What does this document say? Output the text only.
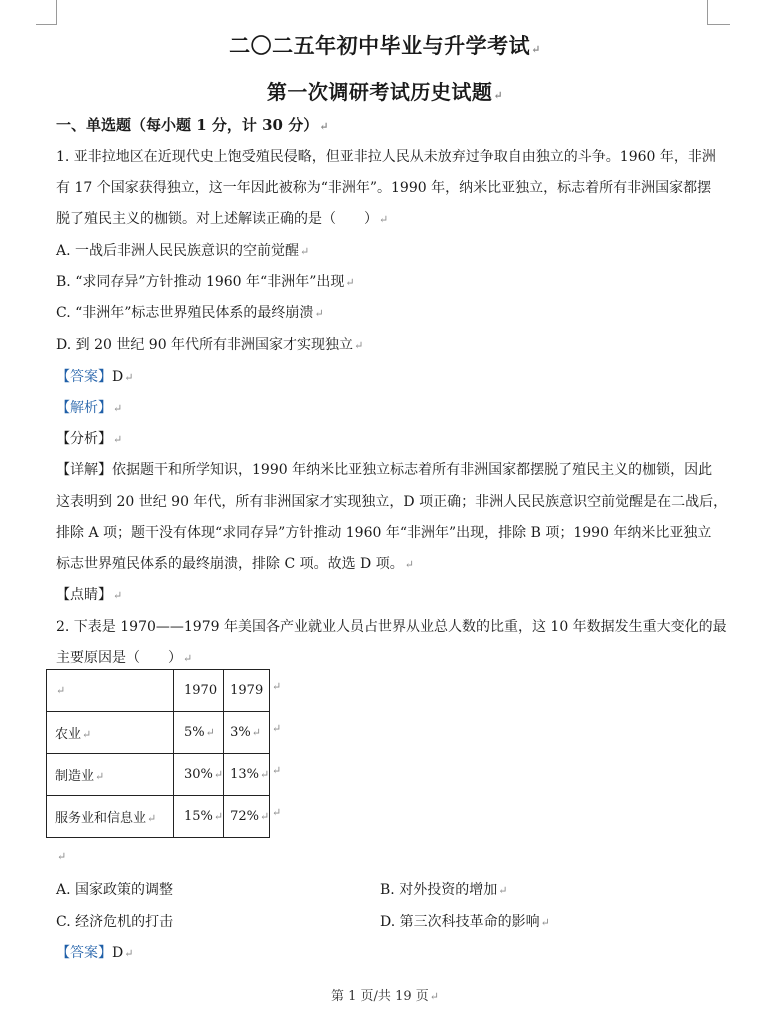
二〇二五年初中毕业与升学考试↵
第一次调研考试历史试题↵
一、单选题（每小题 1 分，计 30 分）↵
1. 亚非拉地区在近现代史上饱受殖民侵略，但亚非拉人民从未放弃过争取自由独立的斗争。1960 年，非洲
有 17 个国家获得独立，这一年因此被称为“非洲年”。1990 年，纳米比亚独立，标志着所有非洲国家都摆
脱了殖民主义的枷锁。对上述解读正确的是（　　）↵
A. 一战后非洲人民民族意识的空前觉醒↵
B. “求同存异”方针推动 1960 年“非洲年”出现↵
C. “非洲年”标志世界殖民体系的最终崩溃↵
D. 到 20 世纪 90 年代所有非洲国家才实现独立↵
【答案】D↵
【解析】↵
【分析】↵
【详解】依据题干和所学知识，1990 年纳米比亚独立标志着所有非洲国家都摆脱了殖民主义的枷锁，因此
这表明到 20 世纪 90 年代，所有非洲国家才实现独立，D 项正确；非洲人民民族意识空前觉醒是在二战后，
排除 A 项；题干没有体现“求同存异”方针推动 1960 年“非洲年”出现，排除 B 项；1990 年纳米比亚独立
标志世界殖民体系的最终崩溃，排除 C 项。故选 D 项。↵
【点睛】↵
2. 下表是 1970——1979 年美国各产业就业人员占世界从业总人数的比重，这 10 年数据发生重大变化的最
主要原因是（　　）↵
↵	1970	1979
农业↵	5%↵	3%↵
制造业↵	30%↵	13%↵
服务业和信息业↵	15%↵	72%↵
↵
↵
↵
↵
↵
A. 国家政策的调整	B. 对外投资的增加↵
C. 经济危机的打击	D. 第三次科技革命的影响↵
【答案】D↵
第 1 页/共 19 页↵
